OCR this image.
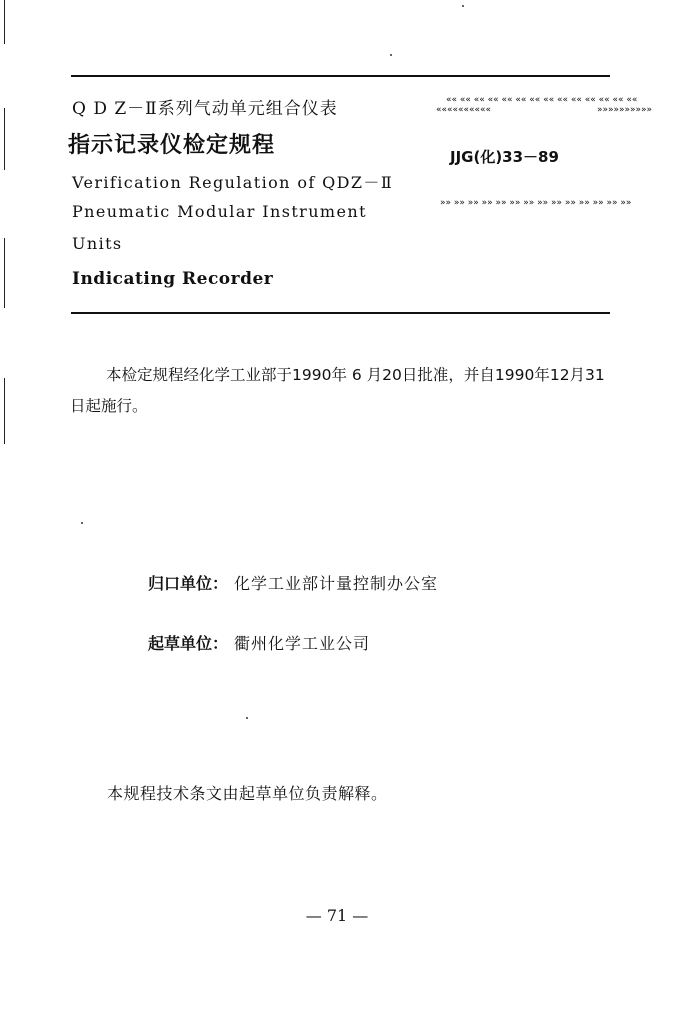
Q D Z－Ⅱ系列气动单元组合仪表
指示记录仪检定规程
Verification Regulation of QDZ－Ⅱ
Pneumatic Modular Instrument
Units
Indicating Recorder
«« «« «« «« «« «« «« «« «« «« «« «« «« ««
««««««««««	»»»»»»»»»»
»» »» »» »» »» »» »» »» »» »» »» »» »» »»
JJG(化)33－89
本检定规程经化学工业部于1990年 6 月20日批准，并自1990年12月31日起施行。
归口单位： 化学工业部计量控制办公室
起草单位： 衢州化学工业公司
本规程技术条文由起草单位负责解释。
— 71 —
